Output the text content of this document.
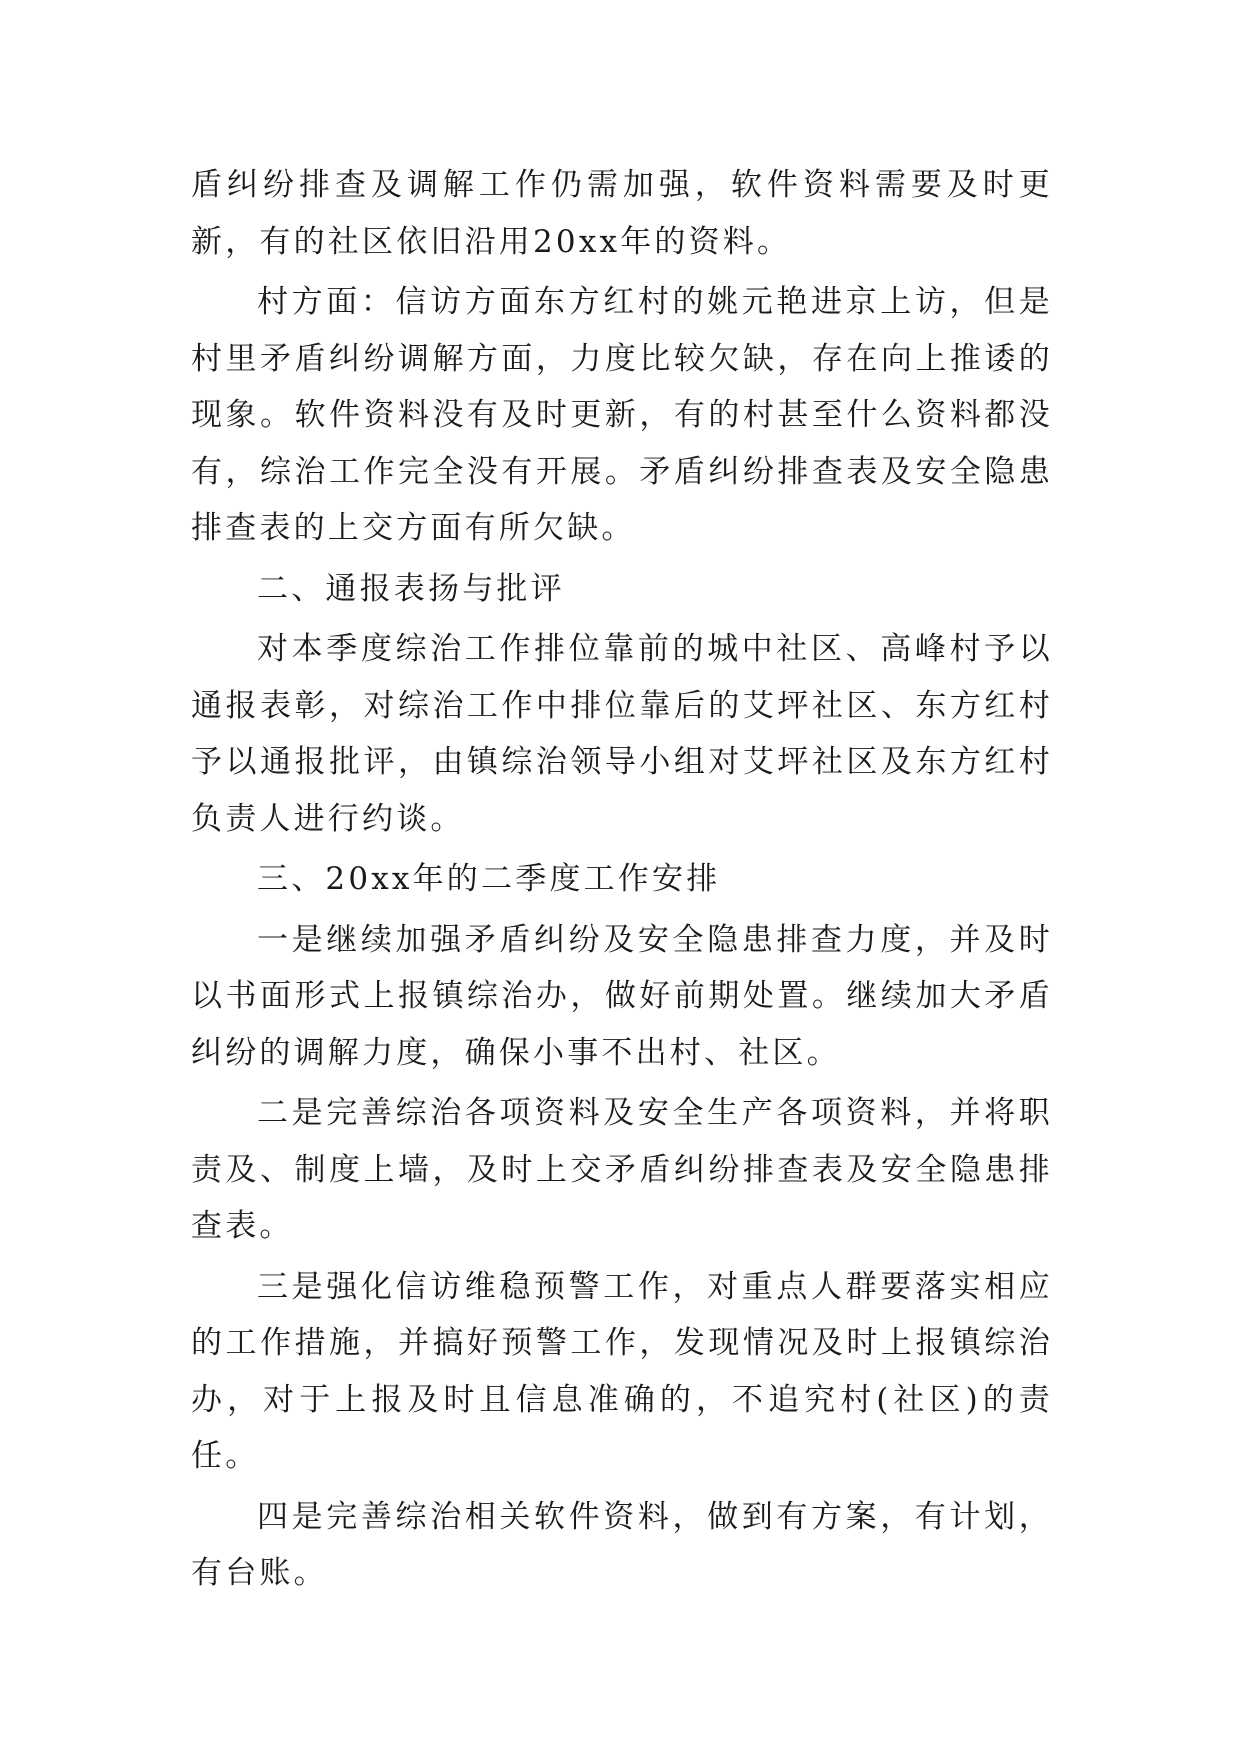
盾纠纷排查及调解工作仍需加强，软件资料需要及时更新，有的社区依旧沿用20xx年的资料。

村方面：信访方面东方红村的姚元艳进京上访，但是村里矛盾纠纷调解方面，力度比较欠缺，存在向上推诿的现象。软件资料没有及时更新，有的村甚至什么资料都没有，综治工作完全没有开展。矛盾纠纷排查表及安全隐患排查表的上交方面有所欠缺。

二、通报表扬与批评

对本季度综治工作排位靠前的城中社区、高峰村予以通报表彰，对综治工作中排位靠后的艾坪社区、东方红村予以通报批评，由镇综治领导小组对艾坪社区及东方红村负责人进行约谈。

三、20xx年的二季度工作安排

一是继续加强矛盾纠纷及安全隐患排查力度，并及时以书面形式上报镇综治办，做好前期处置。继续加大矛盾纠纷的调解力度，确保小事不出村、社区。

二是完善综治各项资料及安全生产各项资料，并将职责及、制度上墙，及时上交矛盾纠纷排查表及安全隐患排查表。

三是强化信访维稳预警工作，对重点人群要落实相应的工作措施，并搞好预警工作，发现情况及时上报镇综治办，对于上报及时且信息准确的，不追究村(社区)的责任。

四是完善综治相关软件资料，做到有方案，有计划，有台账。
